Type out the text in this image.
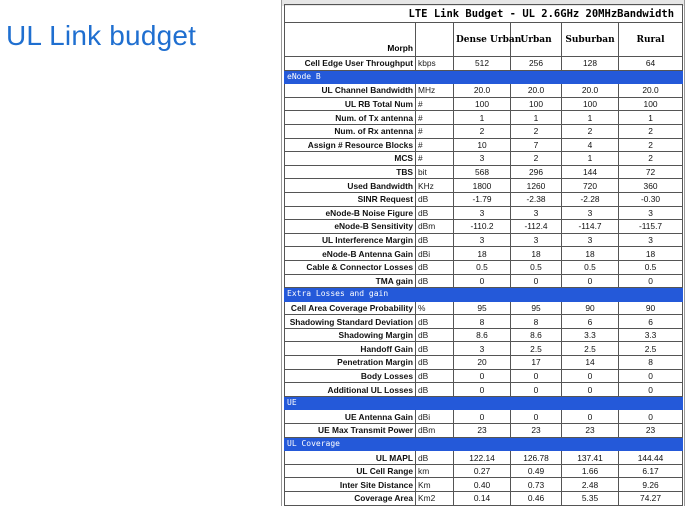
UL Link budget
LTE Link Budget - UL 2.6GHz 20MHzBandwidth					
Morph		Dense Urban	Urban	Suburban	Rural
Cell Edge User Throughput	kbps	512	256	128	64
eNode B					
UL Channel Bandwidth	MHz	20.0	20.0	20.0	20.0
UL RB Total Num	#	100	100	100	100
Num. of Tx antenna	#	1	1	1	1
Num. of Rx antenna	#	2	2	2	2
Assign # Resource Blocks	#	10	7	4	2
MCS	#	3	2	1	2
TBS	bit	568	296	144	72
Used Bandwidth	KHz	1800	1260	720	360
SINR Request	dB	-1.79	-2.38	-2.28	-0.30
eNode-B Noise Figure	dB	3	3	3	3
eNode-B Sensitivity	dBm	-110.2	-112.4	-114.7	-115.7
UL Interference Margin	dB	3	3	3	3
eNode-B Antenna Gain	dBi	18	18	18	18
Cable & Connector Losses	dB	0.5	0.5	0.5	0.5
TMA gain	dB	0	0	0	0
Extra Losses and gain					
Cell Area Coverage Probability	%	95	95	90	90
Shadowing Standard Deviation	dB	8	8	6	6
Shadowing Margin	dB	8.6	8.6	3.3	3.3
Handoff Gain	dB	3	2.5	2.5	2.5
Penetration Margin	dB	20	17	14	8
Body Losses	dB	0	0	0	0
Additional UL Losses	dB	0	0	0	0
UE					
UE Antenna Gain	dBi	0	0	0	0
UE Max Transmit Power	dBm	23	23	23	23
UL Coverage					
UL MAPL	dB	122.14	126.78	137.41	144.44
UL Cell Range	km	0.27	0.49	1.66	6.17
Inter Site Distance	Km	0.40	0.73	2.48	9.26
Coverage Area	Km2	0.14	0.46	5.35	74.27
